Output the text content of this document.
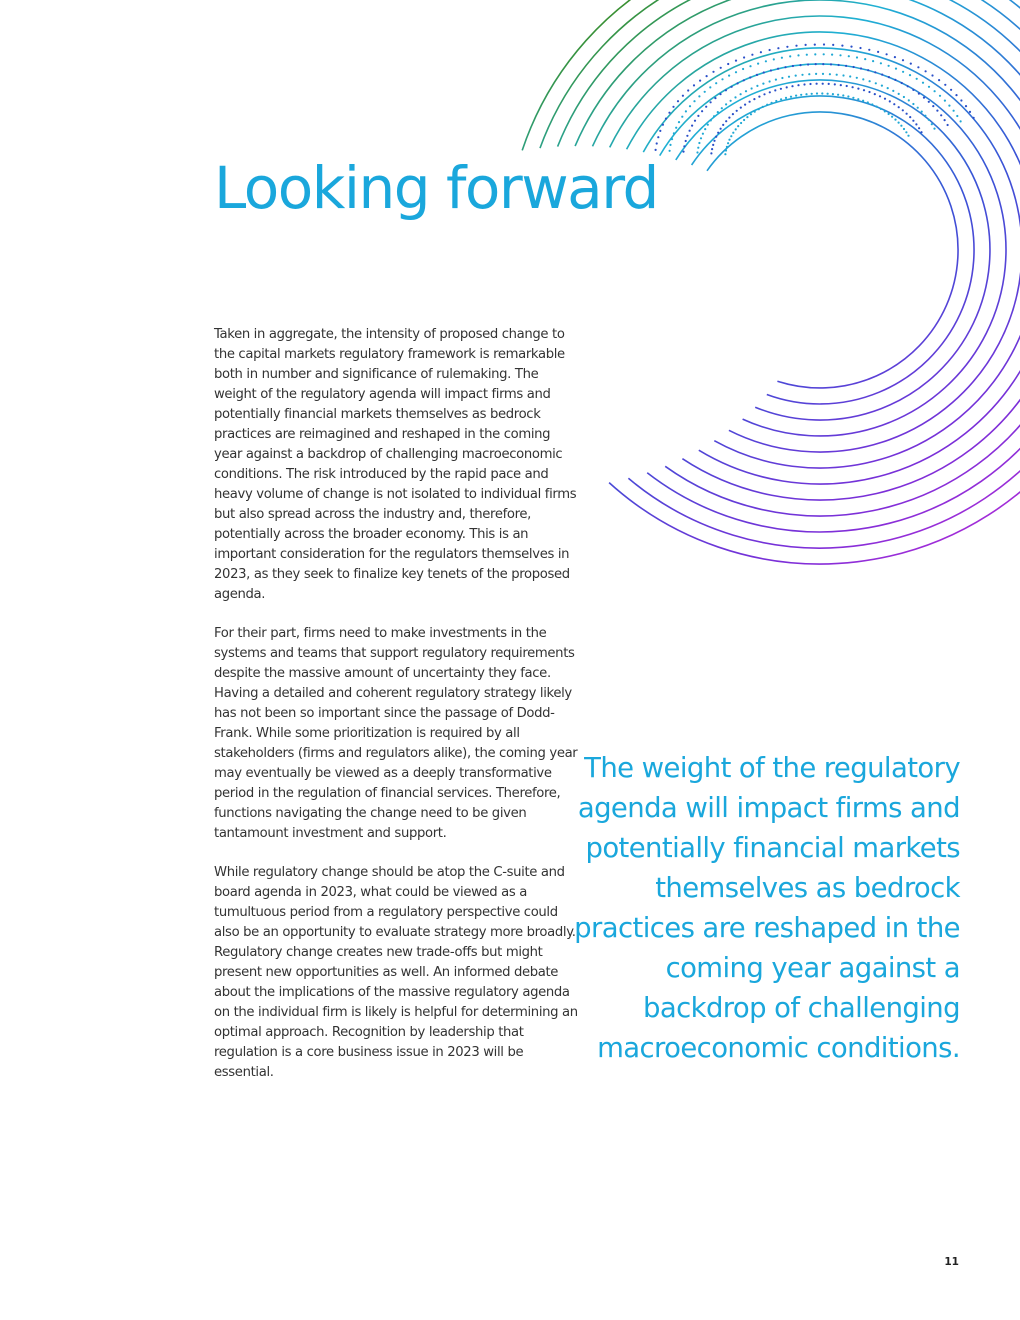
Looking forward

Taken in aggregate, the intensity of proposed change to the capital markets regulatory framework is remarkable both in number and significance of rulemaking. The weight of the regulatory agenda will impact firms and potentially financial markets themselves as bedrock practices are reimagined and reshaped in the coming year against a backdrop of challenging macroeconomic conditions. The risk introduced by the rapid pace and heavy volume of change is not isolated to individual firms but also spread across the industry and, therefore, potentially across the broader economy. This is an important consideration for the regulators themselves in 2023, as they seek to finalize key tenets of the proposed agenda.

For their part, firms need to make investments in the systems and teams that support regulatory requirements despite the massive amount of uncertainty they face. Having a detailed and coherent regulatory strategy likely has not been so important since the passage of Dodd-Frank. While some prioritization is required by all stakeholders (firms and regulators alike), the coming year may eventually be viewed as a deeply transformative period in the regulation of financial services. Therefore, functions navigating the change need to be given tantamount investment and support.

While regulatory change should be atop the C-suite and board agenda in 2023, what could be viewed as a tumultuous period from a regulatory perspective could also be an opportunity to evaluate strategy more broadly. Regulatory change creates new trade-offs but might present new opportunities as well. An informed debate about the implications of the massive regulatory agenda on the individual firm is likely is helpful for determining an optimal approach. Recognition by leadership that regulation is a core business issue in 2023 will be essential.

The weight of the regulatory agenda will impact firms and potentially financial markets themselves as bedrock practices are reshaped in the coming year against a backdrop of challenging macroeconomic conditions.

11
